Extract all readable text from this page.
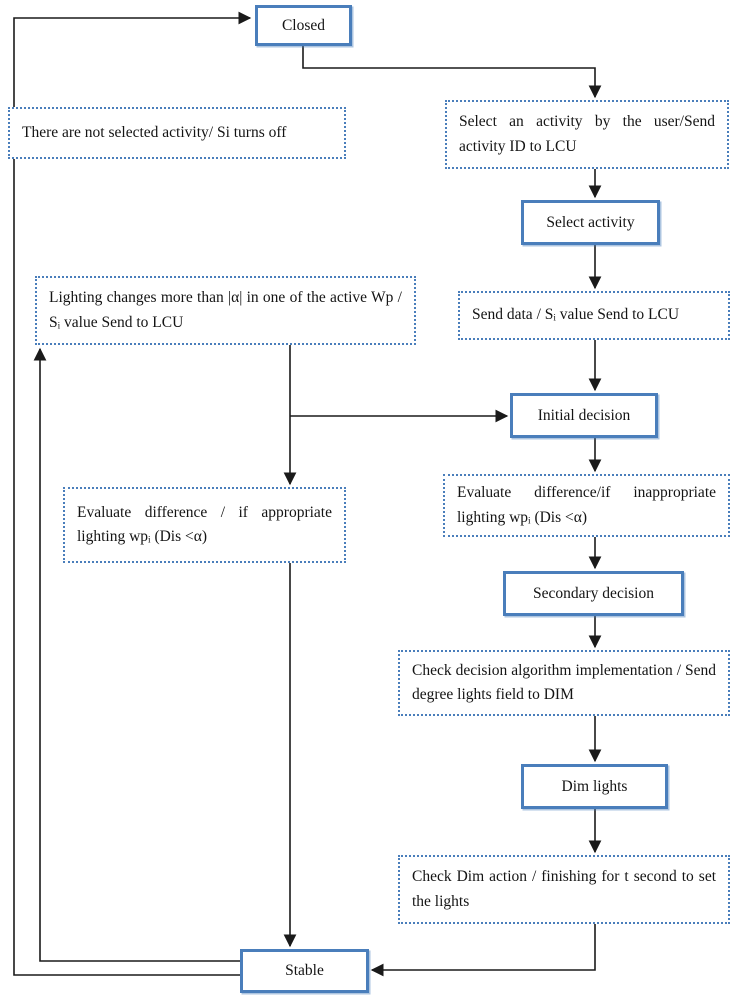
Closed
There are not selected activity/ Si turns off
Select an activity by the user/Send activity ID to LCU
Select activity
Send data / Sᵢ value Send to LCU
Lighting changes more than |α| in one of the active Wp / Sᵢ value Send to LCU
Initial decision
Evaluate difference/if inappropriate lighting wpᵢ (Dis <α)
Evaluate difference / if appropriate lighting wpᵢ (Dis <α)
Secondary decision
Check decision algorithm implementation / Send degree lights field to DIM
Dim lights
Check Dim action / finishing for t second to set the lights
Stable
